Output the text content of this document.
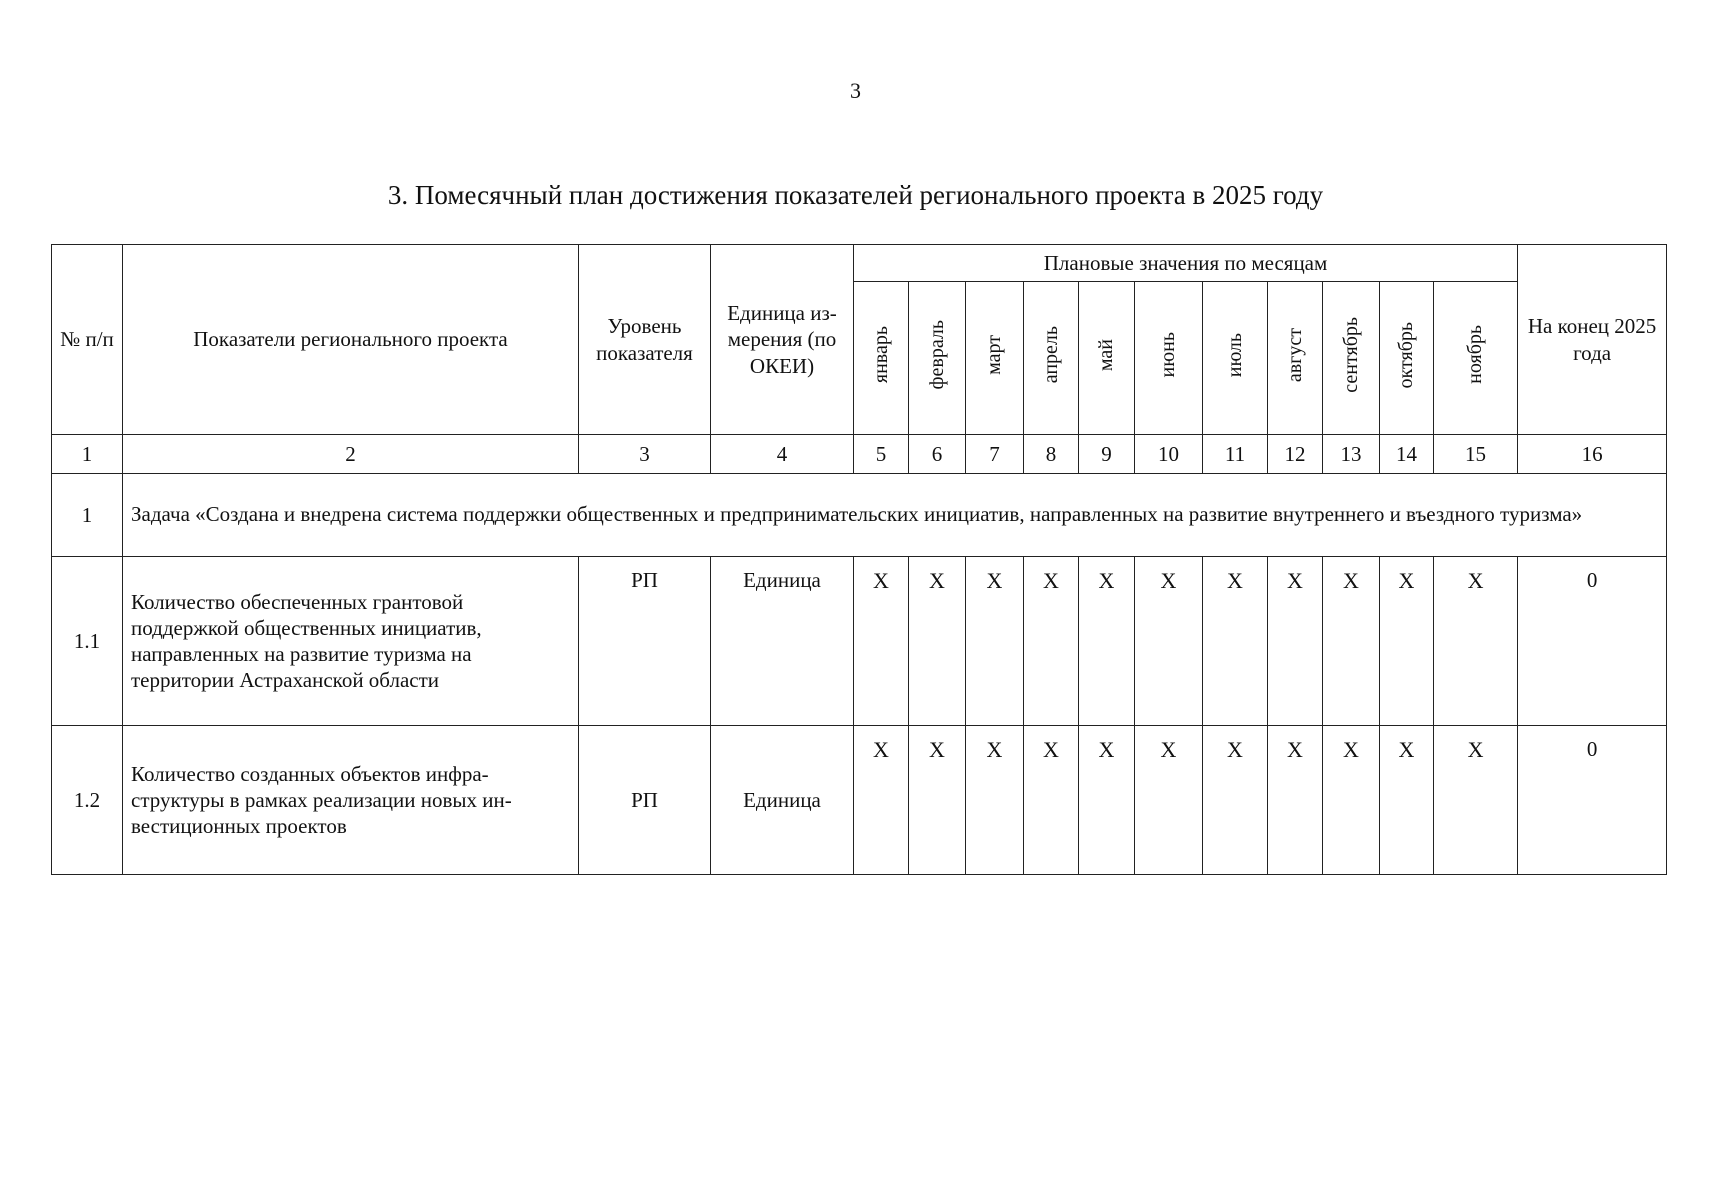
3
3. Помесячный план достижения показателей регионального проекта в 2025 году
№ п/п	Показатели регионального проекта	Уровень показателя	Единица из-мерения (по ОКЕИ)	Плановые значения по месяцам											На конец 2025 года
				январь	февраль	март	апрель	май	июнь	июль	август	сентябрь	октябрь	ноябрь	
1	2	3	4	5	6	7	8	9	10	11	12	13	14	15	16
1	Задача «Создана и внедрена система поддержки общественных и предпринимательских инициатив, направленных на развитие внутреннего и въездного туризма»														
1.1	Количество обеспеченных грантовой поддержкой общественных инициатив, направленных на развитие туризма на территории Астраханской области	РП	Единица	X	X	X	X	X	X	X	X	X	X	X	0
1.2	Количество созданных объектов инфра-структуры в рамках реализации новых ин-вестиционных проектов	РП	Единица	X	X	X	X	X	X	X	X	X	X	X	0
